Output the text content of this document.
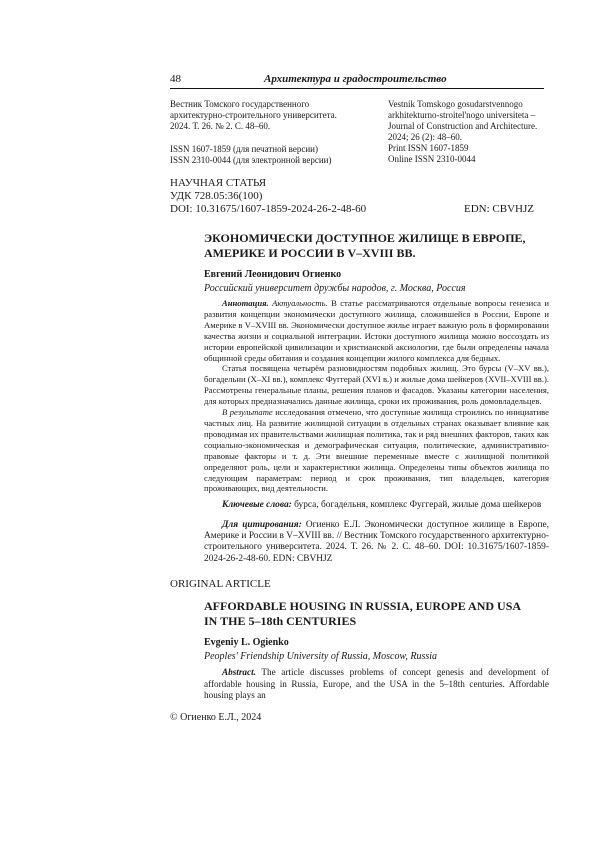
48	Архитектура и градостроительство
Вестник Томского государственного
архитектурно-строительного университета.
2024. Т. 26. № 2. С. 48–60.
ISSN 1607-1859 (для печатной версии)
ISSN 2310-0044 (для электронной версии)
Vestnik Tomskogo gosudarstvennogo
arkhitekturno-stroitel'nogo universiteta –
Journal of Construction and Architecture.
2024; 26 (2): 48–60.
Print ISSN 1607-1859
Online ISSN 2310-0044
НАУЧНАЯ СТАТЬЯ
УДК 728.05:36(100)
DOI: 10.31675/1607-1859-2024-26-2-48-60	EDN: CBVHJZ
ЭКОНОМИЧЕСКИ ДОСТУПНОЕ ЖИЛИЩЕ В ЕВРОПЕ,
АМЕРИКЕ И РОССИИ В V–XVIII ВВ.
Евгений Леонидович Огиенко
Российский университет дружбы народов, г. Москва, Россия

Аннотация. Актуальность. В статье рассматриваются отдельные вопросы генезиса и развития концепции экономически доступного жилища, сложившейся в России, Европе и Америке в V–XVIII вв. Экономически доступное жилье играет важную роль в формировании качества жизни и социальной интеграции. Истоки доступного жилища можно воссоздать из истории европейской цивилизации и христианской аксиологии, где были определены начала общинной среды обитания и создания концепции жилого комплекса для бедных.

Статья посвящена четырём разновидностям подобных жилищ. Это бурсы (V–XV вв.), богадельни (X–XI вв.), комплекс Фуггерай (XVI в.) и жилые дома шейкеров (XVII–XVIII вв.). Рассмотрены генеральные планы, решения планов и фасадов. Указаны категории населения, для которых предназначались данные жилища, сроки их проживания, роль домовладельцев.

В результате исследования отмечено, что доступные жилища строились по инициативе частных лиц. На развитие жилищной ситуации в отдельных странах оказывает влияние как проводимая их правительствами жилищная политика, так и ряд внешних факторов, таких как социально-экономическая и демографическая ситуация, политические, административно-правовые факторы и т. д. Эти внешние переменные вместе с жилищной политикой определяют роль, цели и характеристики жилища. Определены типы объектов жилища по следующим параметрам: период и срок проживания, тип владельцев, категория проживающих, вид деятельности.

Ключевые слова: бурса, богадельня, комплекс Фуггерай, жилые дома шейкеров
Для цитирования: Огиенко Е.Л. Экономически доступное жилище в Европе, Америке и России в V–XVIII вв. // Вестник Томского государственного архитектурно-строительного университета. 2024. Т. 26. № 2. С. 48–60. DOI: 10.31675/1607-1859-2024-26-2-48-60. EDN: CBVHJZ
ORIGINAL ARTICLE
AFFORDABLE HOUSING IN RUSSIA, EUROPE AND USA
IN THE 5–18th CENTURIES
Evgeniy L. Ogienko
Peoples' Friendship University of Russia, Moscow, Russia

Abstract. The article discusses problems of concept genesis and development of affordable housing in Russia, Europe, and the USA in the 5–18th centuries. Affordable housing plays an

© Огиенко Е.Л., 2024
